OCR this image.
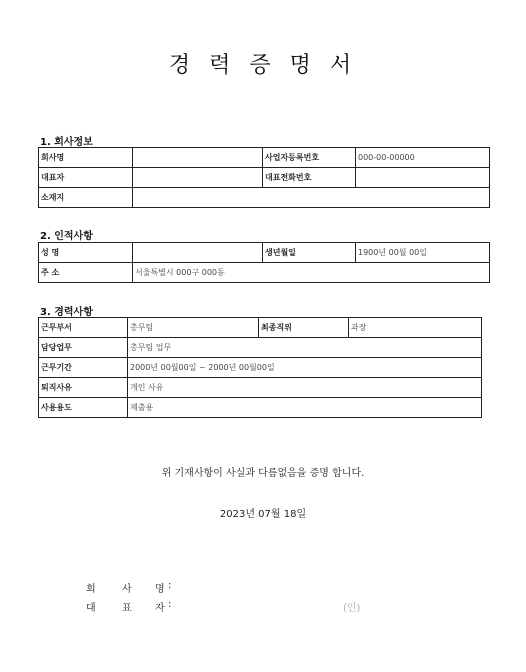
경 력 증 명 서
1. 회사정보
회사명		사업자등록번호	000-00-00000
대표자		대표전화번호	
소재지			
2. 인적사항
성 명		생년월일	1900년 00월 00일
주 소	서울특별시 000구 000동		
3. 경력사항
근무부서	총무팀	최종직위	과장
담당업무	총무팀 업무		
근무기간	2000년 00월00일 ~ 2000년 00월00일		
퇴직사유	개인 사유		
사용용도	제출용		
위 기재사항이 사실과 다름없음을 증명 합니다.
2023년 07월 18일
회	사 명 :
대	표 자 :	(인)
